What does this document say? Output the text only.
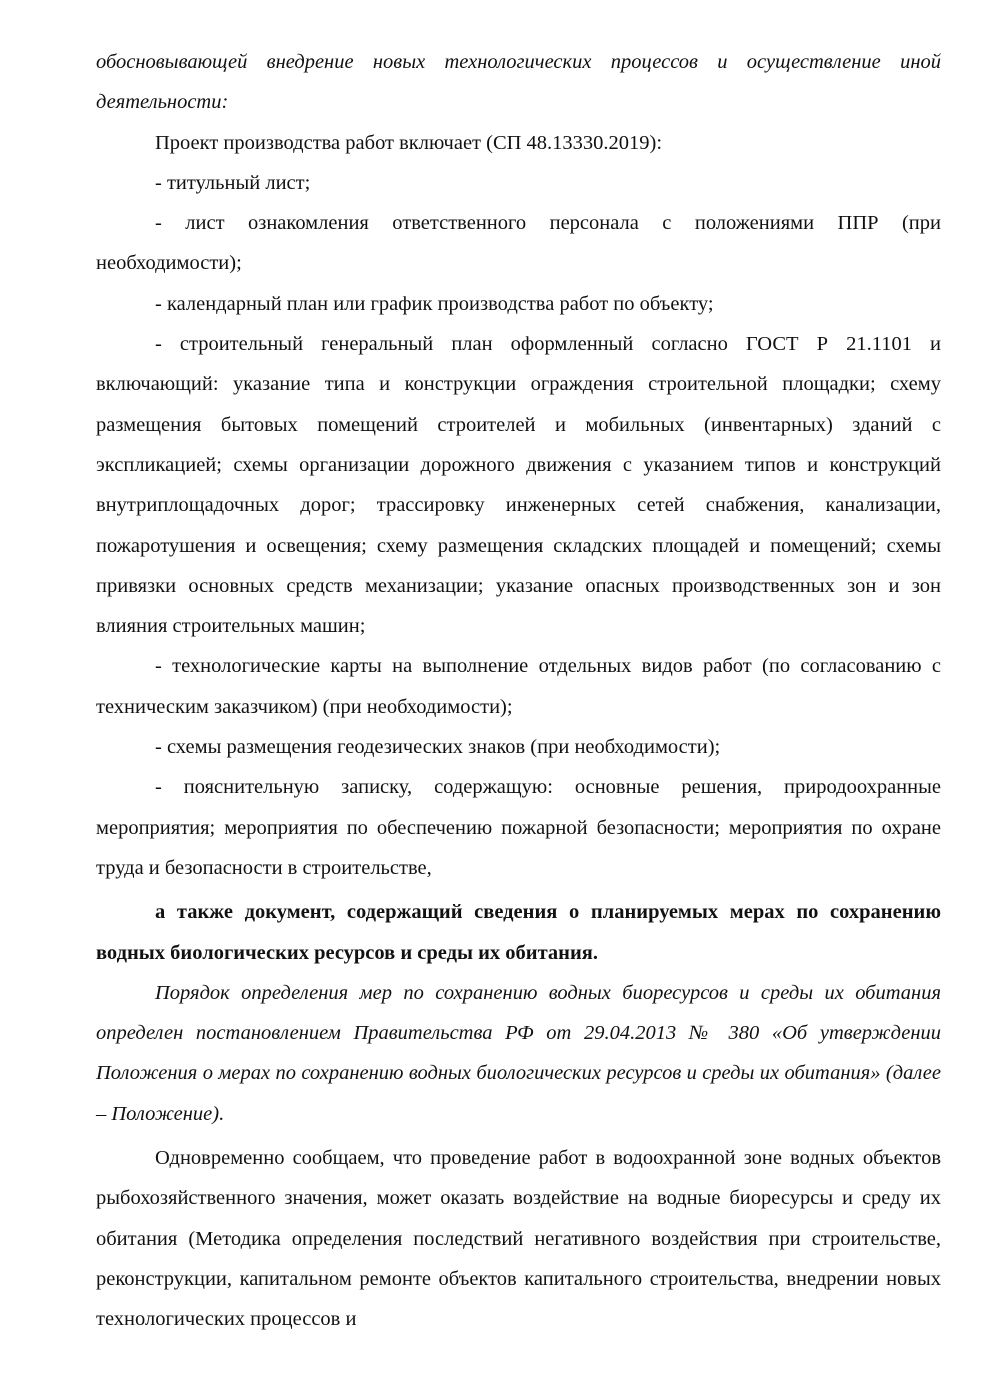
обосновывающей внедрение новых технологических процессов и осуществление иной деятельности:

Проект производства работ включает (СП 48.13330.2019):

- титульный лист;

- лист ознакомления ответственного персонала с положениями ППР (при необходимости);

- календарный план или график производства работ по объекту;

- строительный генеральный план оформленный согласно ГОСТ Р 21.1101 и включающий: указание типа и конструкции ограждения строительной площадки; схему размещения бытовых помещений строителей и мобильных (инвентарных) зданий с экспликацией; схемы организации дорожного движения с указанием типов и конструкций внутриплощадочных дорог; трассировку инженерных сетей снабжения, канализации, пожаротушения и освещения; схему размещения складских площадей и помещений; схемы привязки основных средств механизации; указание опасных производственных зон и зон влияния строительных машин;

- технологические карты на выполнение отдельных видов работ (по согласованию с техническим заказчиком) (при необходимости);

- схемы размещения геодезических знаков (при необходимости);

- пояснительную записку, содержащую: основные решения, природоохранные мероприятия; мероприятия по обеспечению пожарной безопасности; мероприятия по охране труда и безопасности в строительстве,

а также документ, содержащий сведения о планируемых мерах по сохранению водных биологических ресурсов и среды их обитания.

Порядок определения мер по сохранению водных биоресурсов и среды их обитания определен постановлением Правительства РФ от 29.04.2013 № 380 «Об утверждении Положения о мерах по сохранению водных биологических ресурсов и среды их обитания» (далее – Положение).

Одновременно сообщаем, что проведение работ в водоохранной зоне водных объектов рыбохозяйственного значения, может оказать воздействие на водные биоресурсы и среду их обитания (Методика определения последствий негативного воздействия при строительстве, реконструкции, капитальном ремонте объектов капитального строительства, внедрении новых технологических процессов и
